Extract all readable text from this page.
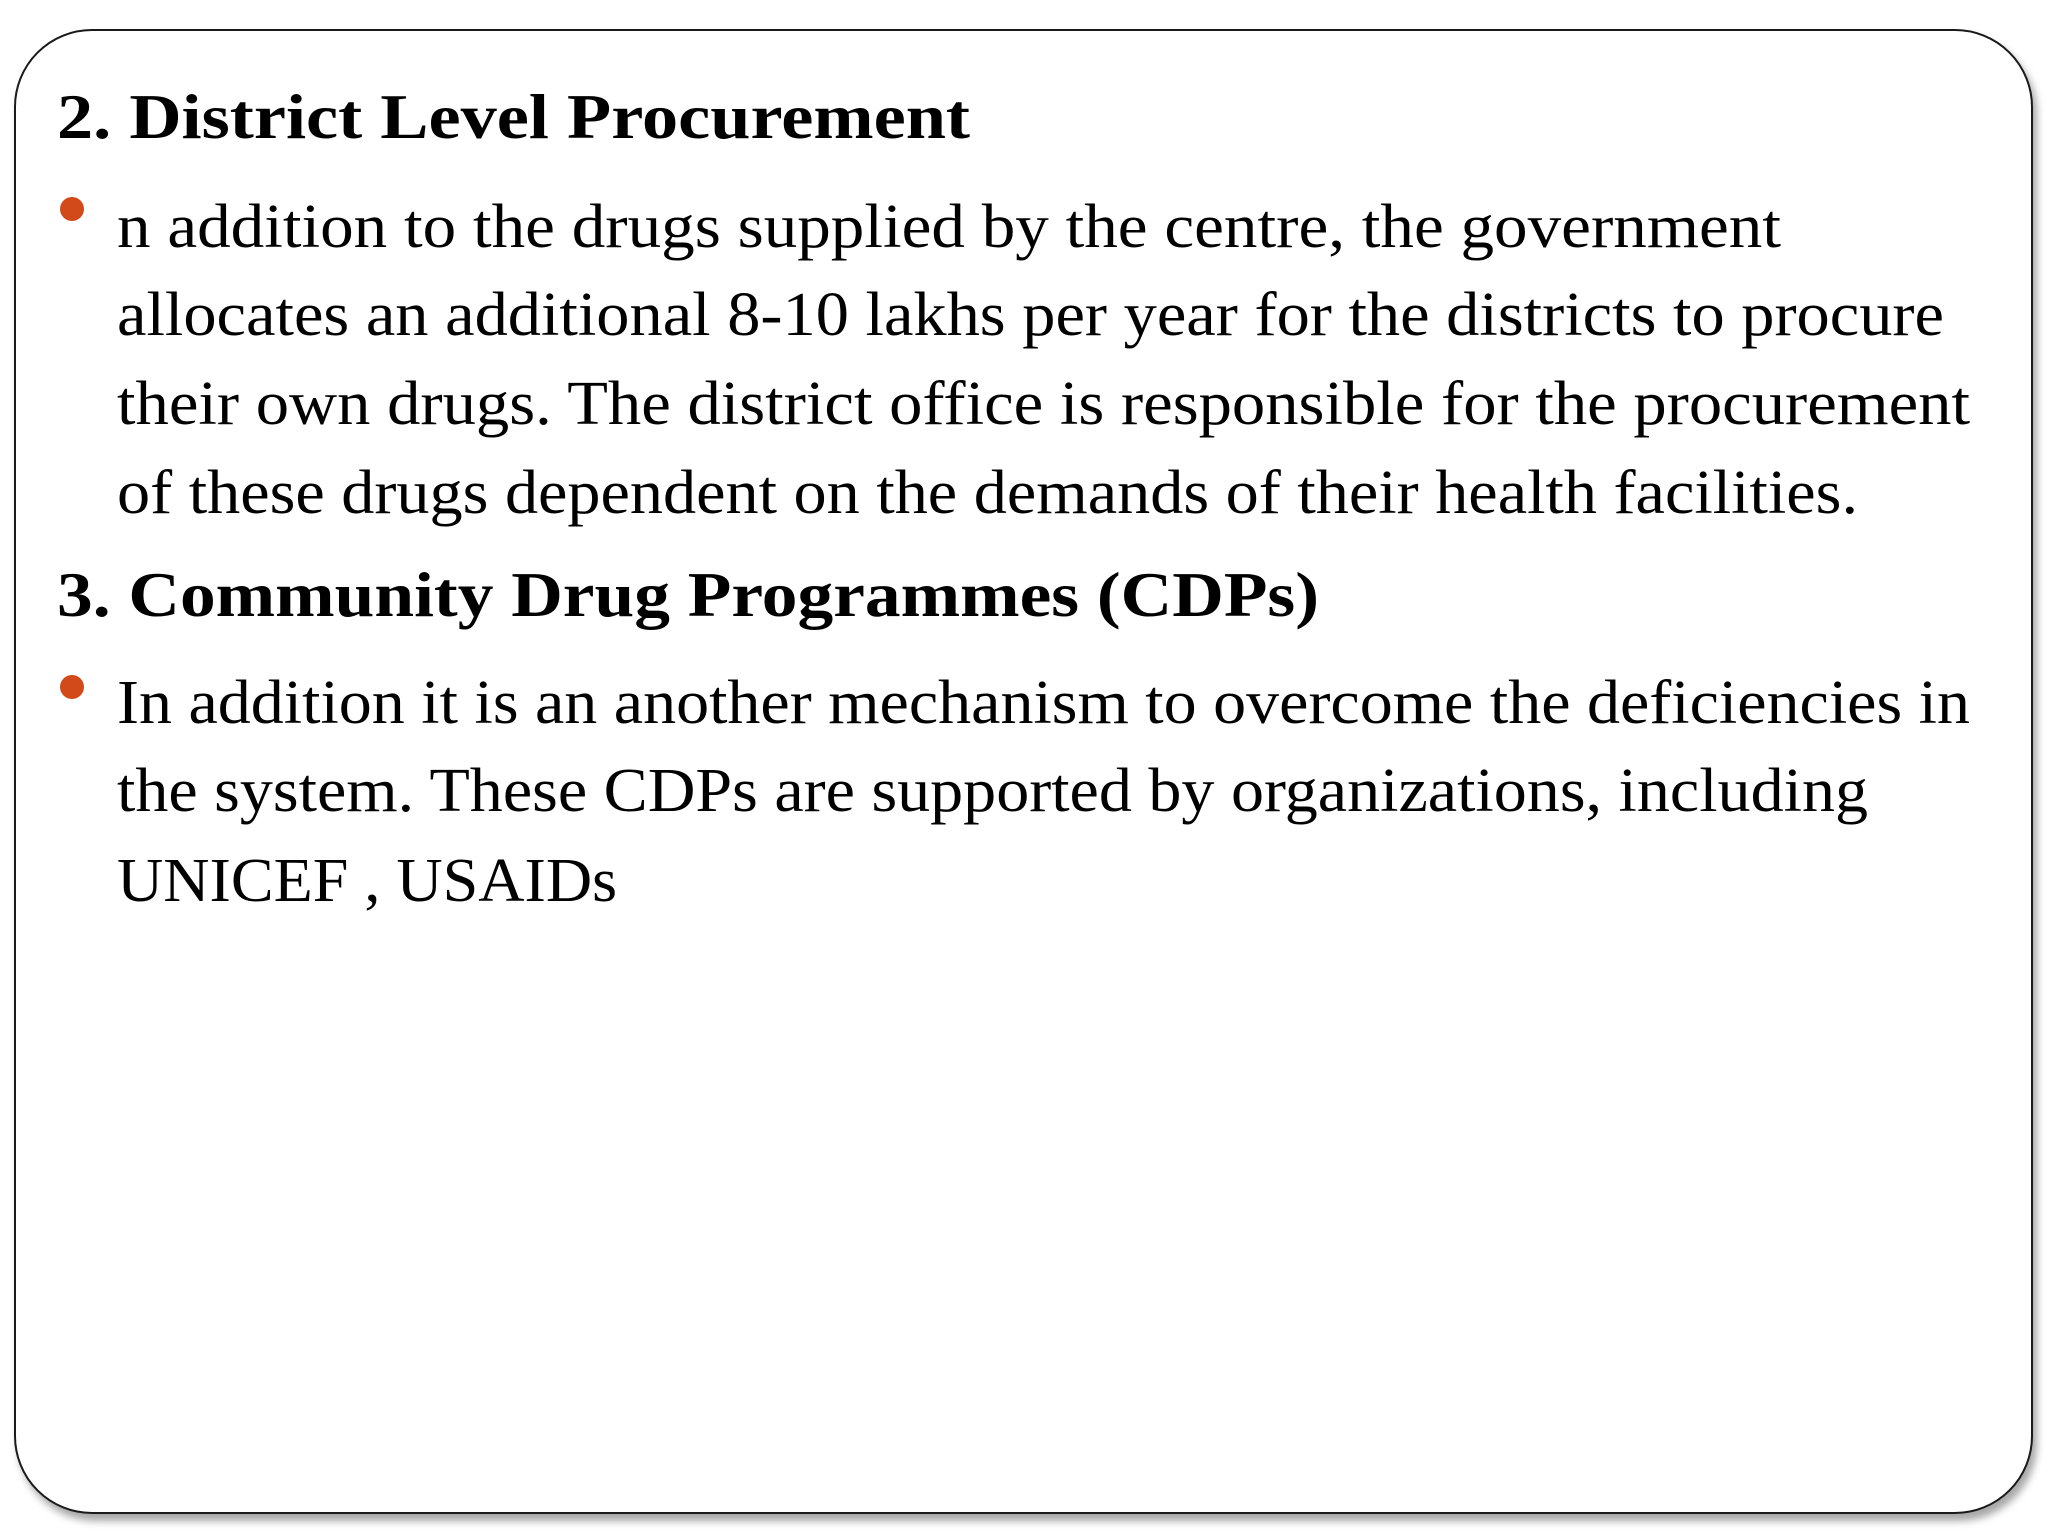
2. District Level Procurement
n addition to the drugs supplied by the centre, the government
allocates an additional 8-10 lakhs per year for the districts to procure
their own drugs. The district office is responsible for the procurement
of these drugs dependent on the demands of their health facilities.
3. Community Drug Programmes (CDPs)
In addition it is an another mechanism to overcome the deficiencies in
the system. These CDPs are supported by organizations, including
UNICEF , USAIDs
